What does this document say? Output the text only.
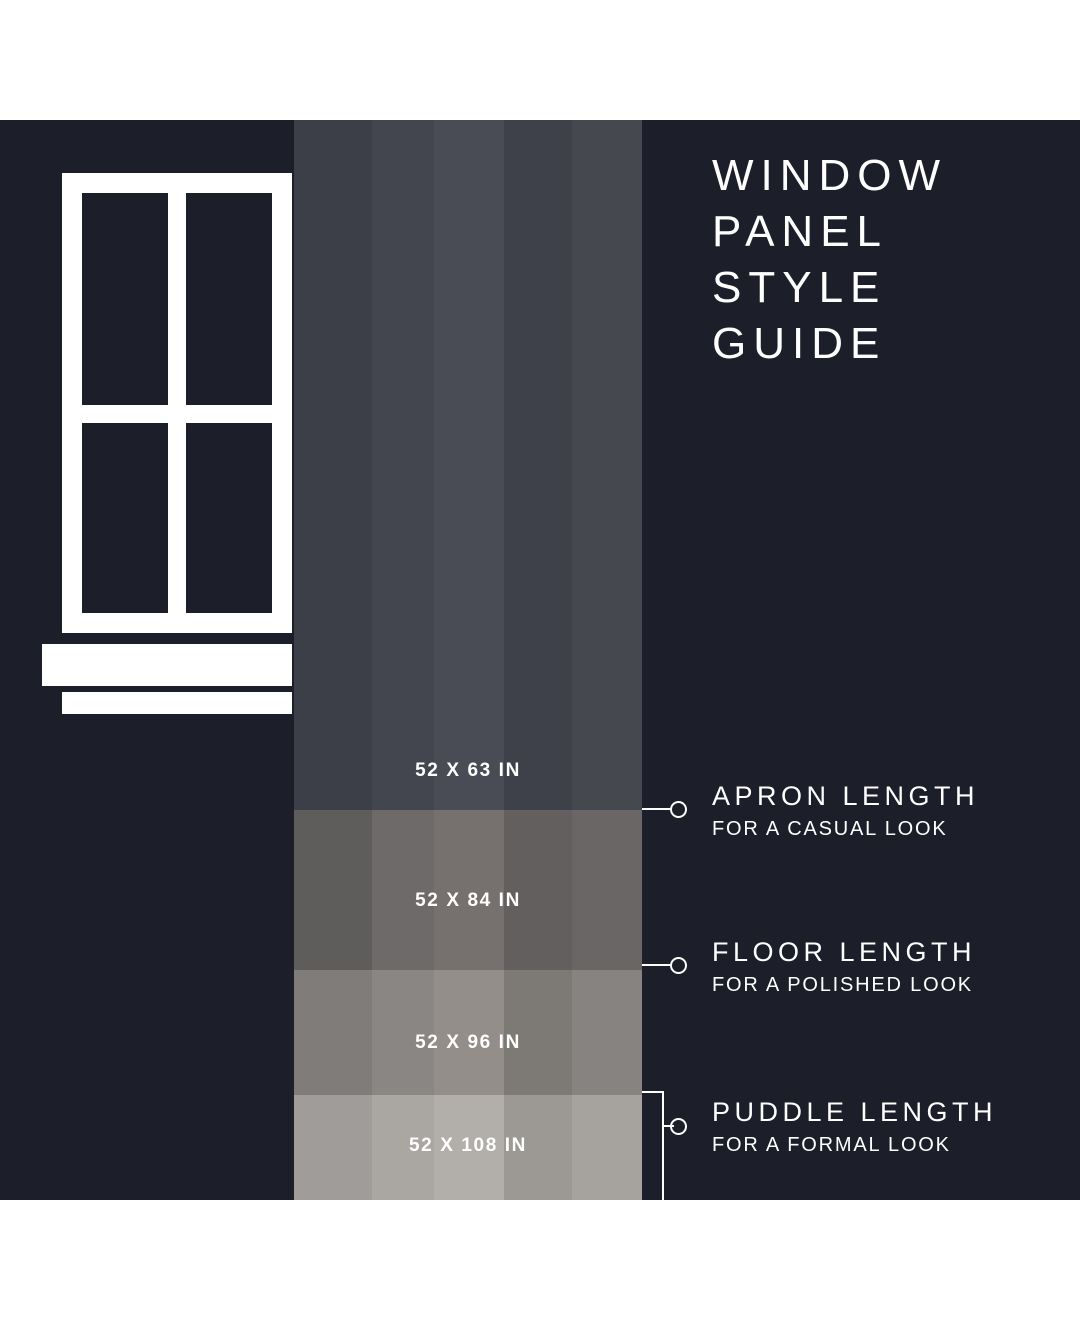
52 X 63 IN
52 X 84 IN
52 X 96 IN
52 X 108 IN
APRON LENGTH
FOR A CASUAL LOOK
FLOOR LENGTH
FOR A POLISHED LOOK
PUDDLE LENGTH
FOR A FORMAL LOOK
WINDOW
PANEL
STYLE
GUIDE
